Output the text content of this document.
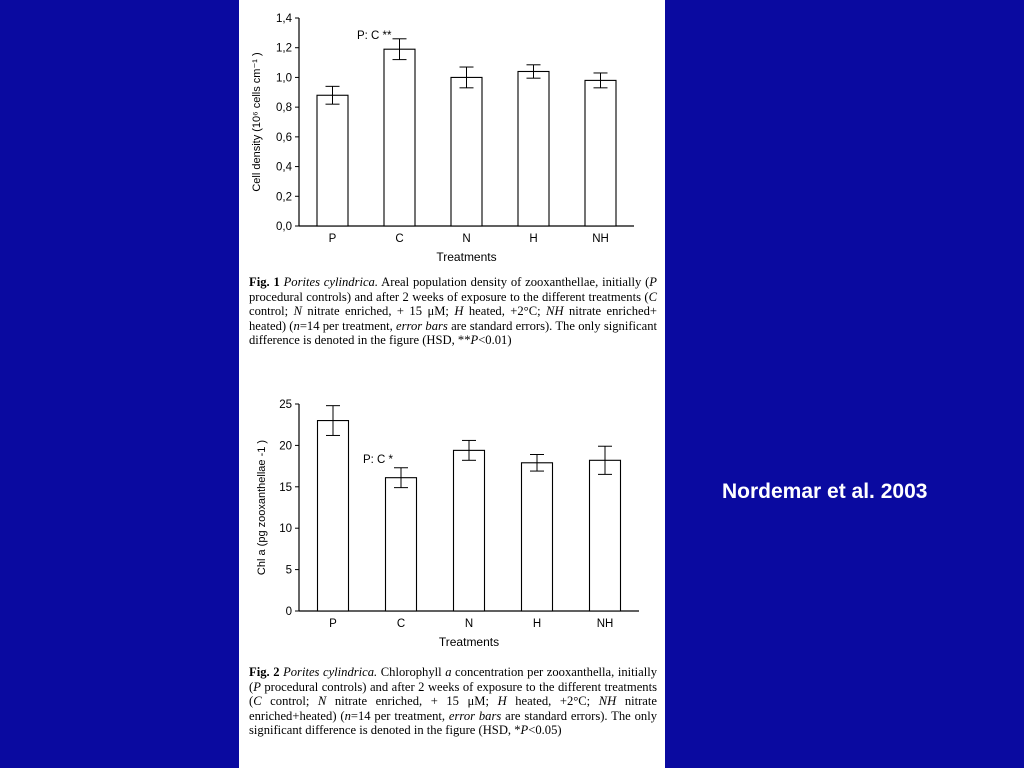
0,0
0,2
0,4
0,6
0,8
1,0
1,2
1,4
P	C	N	H	NH
Treatments
Cell density (10⁶ cells cm⁻¹ )
P: C **
Fig. 1 Porites cylindrica. Areal population density of zooxanthellae, initially (P procedural controls) and after 2 weeks of exposure to the different treatments (C control; N nitrate enriched, + 15 μM; H heated, +2°C; NH nitrate enriched+ heated) (n=14 per treatment, error bars are standard errors). The only significant difference is denoted in the figure (HSD, **P<0.01)
0
5
10
15
20
25
P	C	N	H	NH
Treatments
Chl a (pg zooxanthellae -1 )	P: C *
Fig. 2 Porites cylindrica. Chlorophyll a concentration per zooxanthella, initially (P procedural controls) and after 2 weeks of exposure to the different treatments (C control; N nitrate enriched, + 15 μM; H heated, +2°C; NH nitrate enriched+heated) (n=14 per treatment, error bars are standard errors). The only significant difference is denoted in the figure (HSD, *P<0.05)
Nordemar et al. 2003
